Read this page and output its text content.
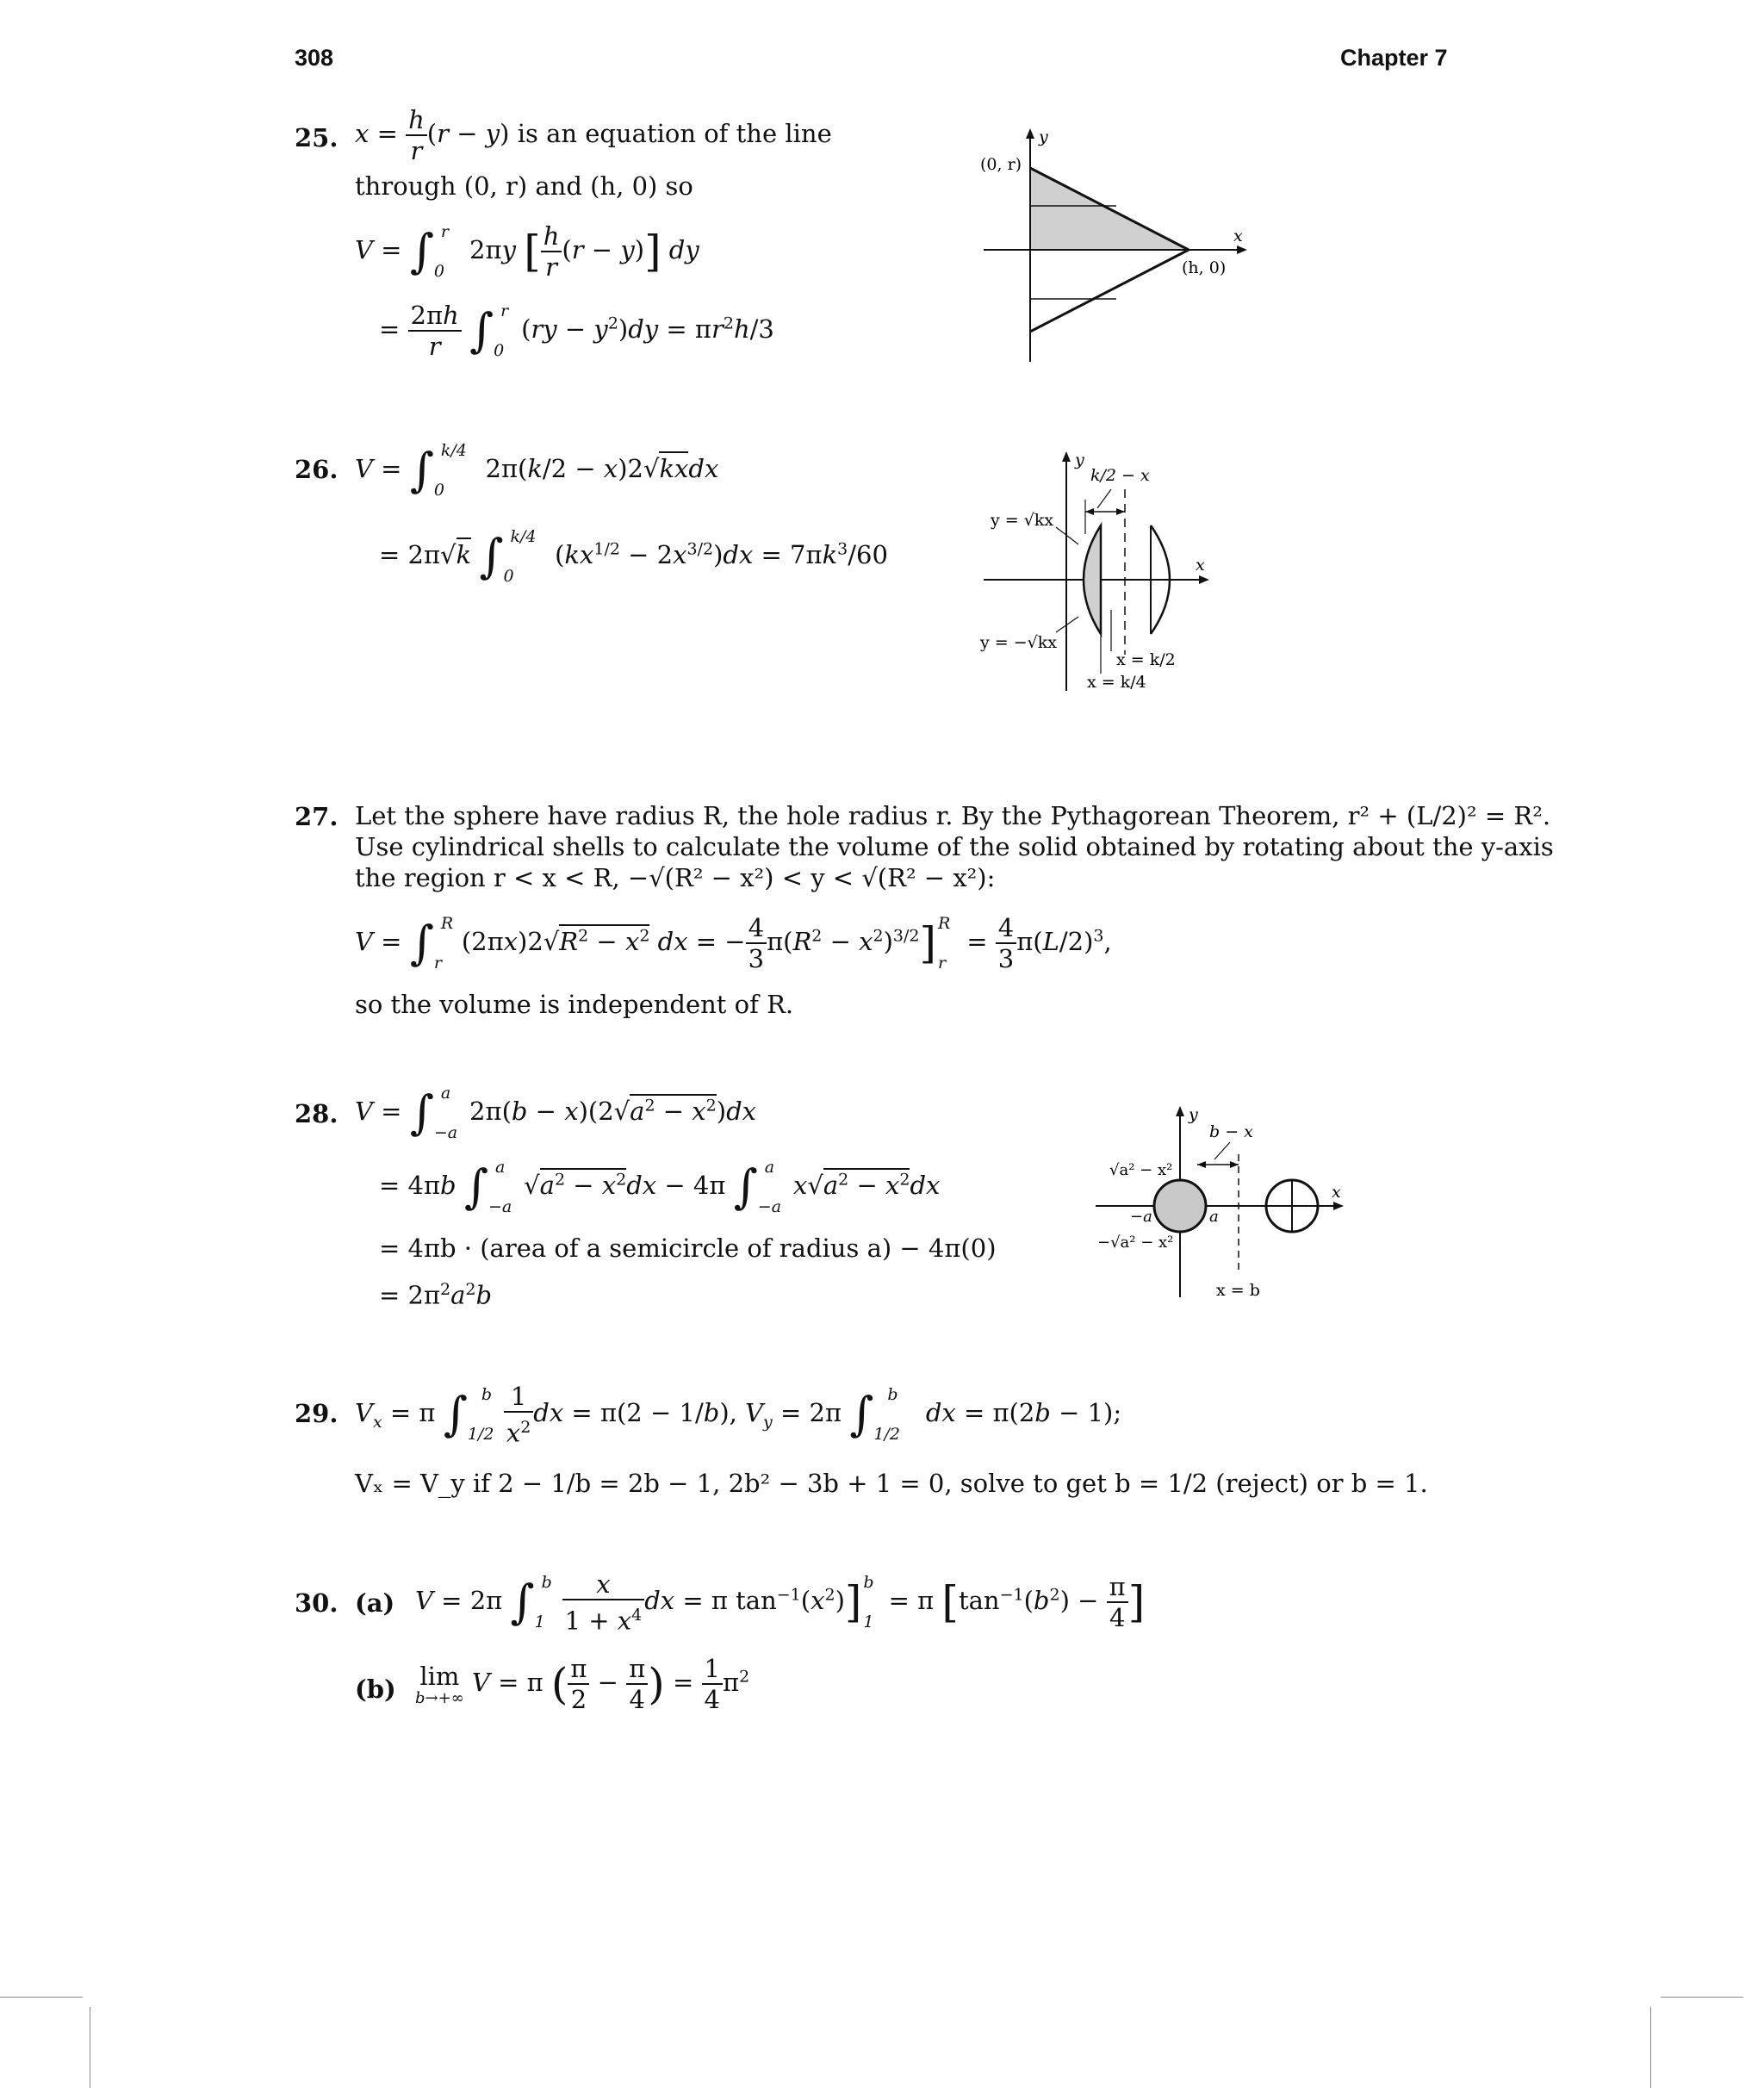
308	Chapter 7
25. $x = \frac{h}{r} (r - y)$ is an equation of the line
through (0, r) and (h, 0) so
V = ∫ r
0
2πy [ $\frac{h}{r} (r - y)$] dy
= $\frac{2\pi h}{r}$ ∫ r
0
$(ry - y^2)dy = \pi r^2h/3$
y
x
(0, r)
(h, 0)
26. V = ∫ k/4
0
2π(k/2 − x)2√kxdx
= 2π√k ∫ k/4
0
$(kx^{1/2} - 2x^{3/2})dx = 7\pi k^3/60$
y
x
k/2 − x
y = √kx
y = −√kx
x = k/2
x = k/4
27. Let the sphere have radius R, the hole radius r. By the Pythagorean Theorem, r² + (L/2)² = R².
Use cylindrical shells to calculate the volume of the solid obtained by rotating about the y-axis
the region r < x < R, −√(R² − x²) < y < √(R² − x²):
V = ∫ R
r
$(2\pi x)2√R^2 - x^2$ dx = − $\frac{4}{3} \pi(R^2 - x^2)^{3/2}$] R
r
= $\frac{4}{3} \pi(L/2)^3$,
so the volume is independent of R.
28. V = ∫ a
−a
$2\pi(b - x)(2√a^2 - x^2)dx$
= 4πb ∫ a
−a
$√a^2 - x^2dx - 4\pi$ ∫ a
−a
$x√a^2 - x^2dx$
= 4πb · (area of a semicircle of radius a) − 4π(0)
= $2\pi^2a^2b$
y
x
b − x
√a² − x²
−√a² − x²
−a	a
x = b
29. $V_x = \pi$ ∫ b
$1/2 \frac{1}{x^2}$ dx = π(2 − 1/b), $V_y = 2\pi$ ∫ b
1/2
dx = π(2b − 1);
Vₓ = V_y if 2 − 1/b = 2b − 1, 2b² − 3b + 1 = 0, solve to get b = 1/2 (reject) or b = 1.
30. (a) V = 2π ∫ b
$1 \frac{x}{1 + x^4}$ dx = π $\tan^{-1}(x^2)$] b
1
= π [$\tan^{-1}(b^2) - \frac{\pi}{4}$ ]
(b) lim
b→+∞
V = π ( $\frac{\pi}{2} - \frac{\pi}{4}$ ) = $\frac{1}{4} \pi^2$
